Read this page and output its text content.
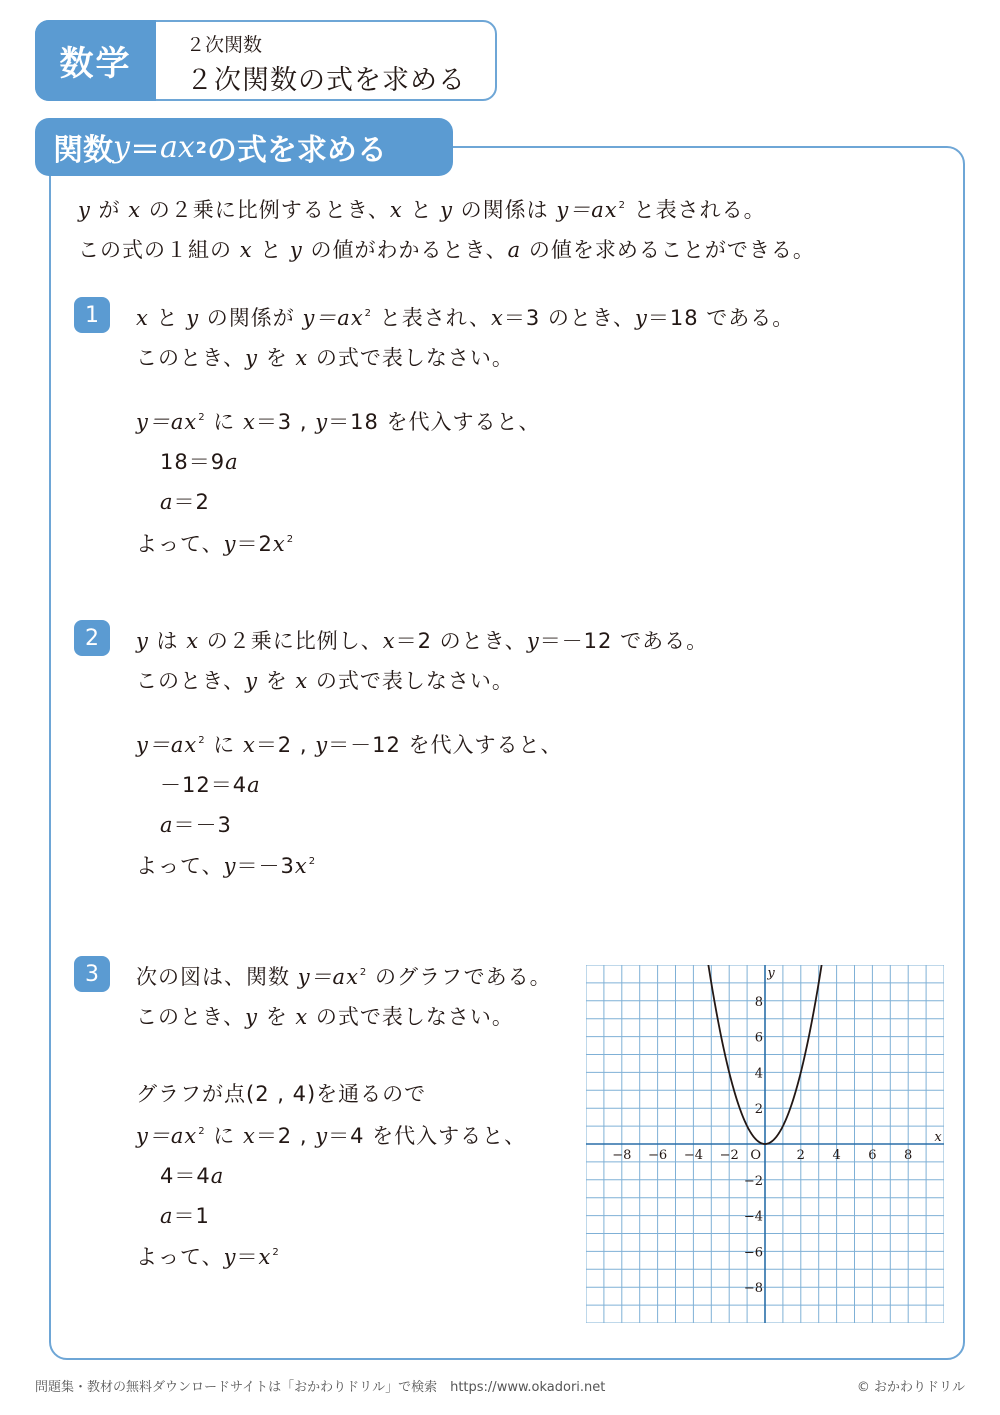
数学	２次関数
２次関数の式を求める
関数 y ＝ ax 2 の式を求める
y が x の２乗に比例するとき、x と y の関係は $y=ax^2$ と表される。
この式の１組の x と y の値がわかるとき、a の値を求めることができる。
1	x と y の関係が $y=ax^2$ と表され、x＝3 のとき、y＝18 である。
このとき、y を x の式で表しなさい。
$y=ax^2$ に x＝3 , y＝18 を代入すると、
18＝9a
a＝2
よって、$y=2x^2$
2	y は x の２乗に比例し、x＝2 のとき、y＝－12 である。
このとき、y を x の式で表しなさい。
$y=ax^2$ に x＝2 , y＝－12 を代入すると、
－12＝4a
a＝－3
よって、$y=-3x^2$
3	次の図は、関数 $y=ax^2$ のグラフである。
このとき、y を x の式で表しなさい。
グラフが点(2 , 4)を通るので
$y=ax^2$ に x＝2 , y＝4 を代入すると、
4＝4a
a＝1
よって、$y=x^2$
−8 −6 −4 −2	2 4 6 8
8
6
4
2
−2
−4
−6
−8
O
x
y
問題集・教材の無料ダウンロードサイトは「おかわりドリル」で検索　https://www.okadori.net	© おかわりドリル
